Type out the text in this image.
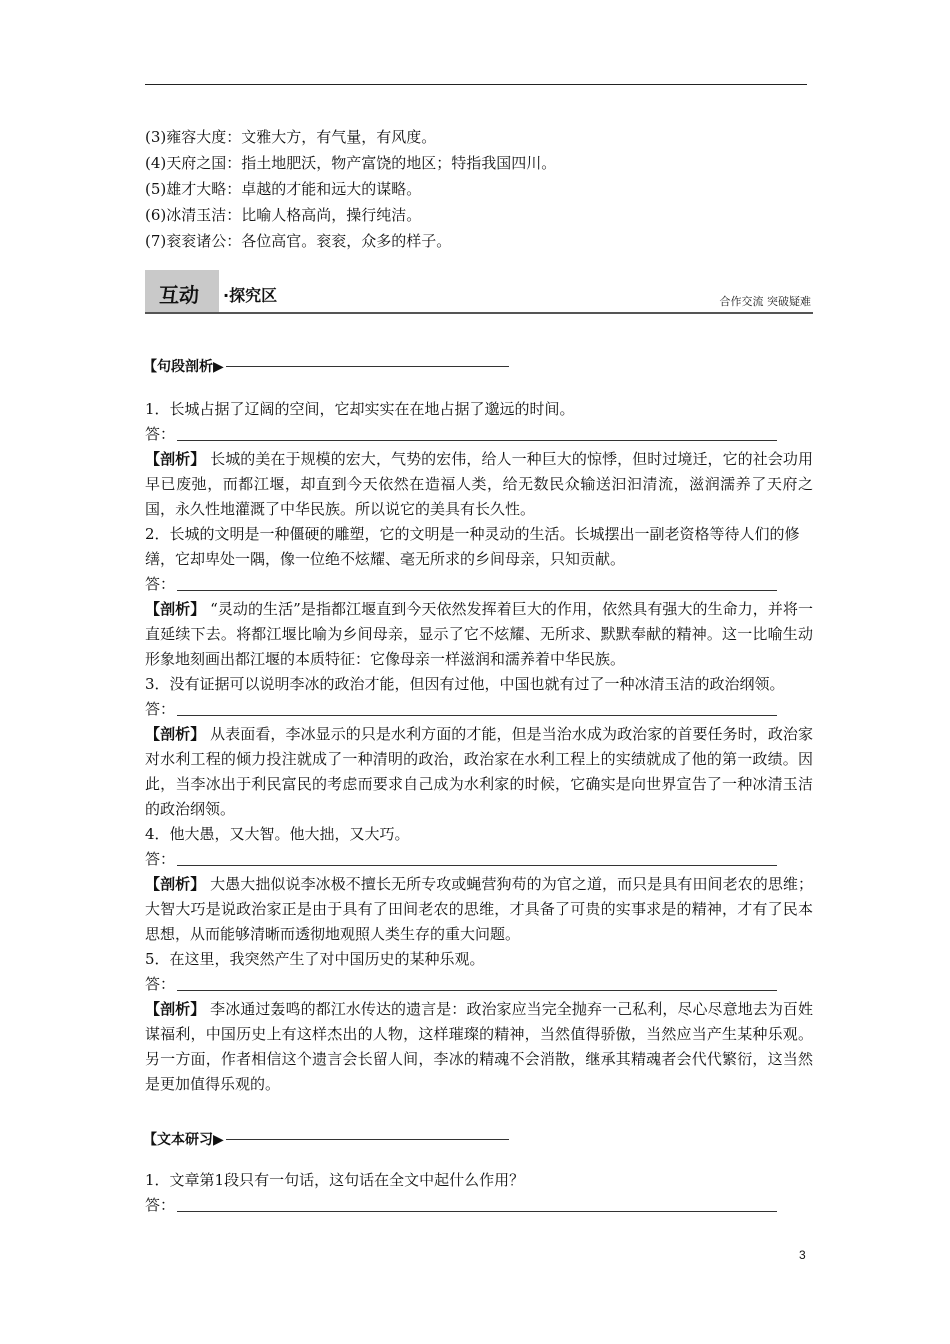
(3)雍容大度：文雅大方，有气量，有风度。
(4)天府之国：指土地肥沃，物产富饶的地区；特指我国四川。
(5)雄才大略：卓越的才能和远大的谋略。
(6)冰清玉洁：比喻人格高尚，操行纯洁。
(7)衮衮诸公：各位高官。衮衮，众多的样子。
互动 ·探究区	合作交流 突破疑难
【句段剖析▶

1．长城占据了辽阔的空间，它却实实在在地占据了邈远的时间。

答：

【剖析】 长城的美在于规模的宏大，气势的宏伟，给人一种巨大的惊悸，但时过境迁，它的社会功用早已废弛，而都江堰，却直到今天依然在造福人类，给无数民众输送汩汩清流，滋润濡养了天府之国，永久性地灌溉了中华民族。所以说它的美具有长久性。

2．长城的文明是一种僵硬的雕塑，它的文明是一种灵动的生活。长城摆出一副老资格等待人们的修缮，它却卑处一隅，像一位绝不炫耀、毫无所求的乡间母亲，只知贡献。

答：

【剖析】 “灵动的生活”是指都江堰直到今天依然发挥着巨大的作用，依然具有强大的生命力，并将一直延续下去。将都江堰比喻为乡间母亲，显示了它不炫耀、无所求、默默奉献的精神。这一比喻生动形象地刻画出都江堰的本质特征：它像母亲一样滋润和濡养着中华民族。

3．没有证据可以说明李冰的政治才能，但因有过他，中国也就有过了一种冰清玉洁的政治纲领。

答：

【剖析】 从表面看，李冰显示的只是水利方面的才能，但是当治水成为政治家的首要任务时，政治家对水利工程的倾力投注就成了一种清明的政治，政治家在水利工程上的实绩就成了他的第一政绩。因此，当李冰出于利民富民的考虑而要求自己成为水利家的时候，它确实是向世界宣告了一种冰清玉洁的政治纲领。

4．他大愚，又大智。他大拙，又大巧。

答：

【剖析】 大愚大拙似说李冰极不擅长无所专攻或蝇营狗苟的为官之道，而只是具有田间老农的思维；大智大巧是说政治家正是由于具有了田间老农的思维，才具备了可贵的实事求是的精神，才有了民本思想，从而能够清晰而透彻地观照人类生存的重大问题。

5．在这里，我突然产生了对中国历史的某种乐观。

答：

【剖析】 李冰通过轰鸣的都江水传达的遗言是：政治家应当完全抛弃一己私利，尽心尽意地去为百姓谋福利，中国历史上有这样杰出的人物，这样璀璨的精神，当然值得骄傲，当然应当产生某种乐观。另一方面，作者相信这个遗言会长留人间，李冰的精魂不会消散，继承其精魂者会代代繁衍，这当然是更加值得乐观的。

【文本研习▶

1．文章第1段只有一句话，这句话在全文中起什么作用？

答：
3
